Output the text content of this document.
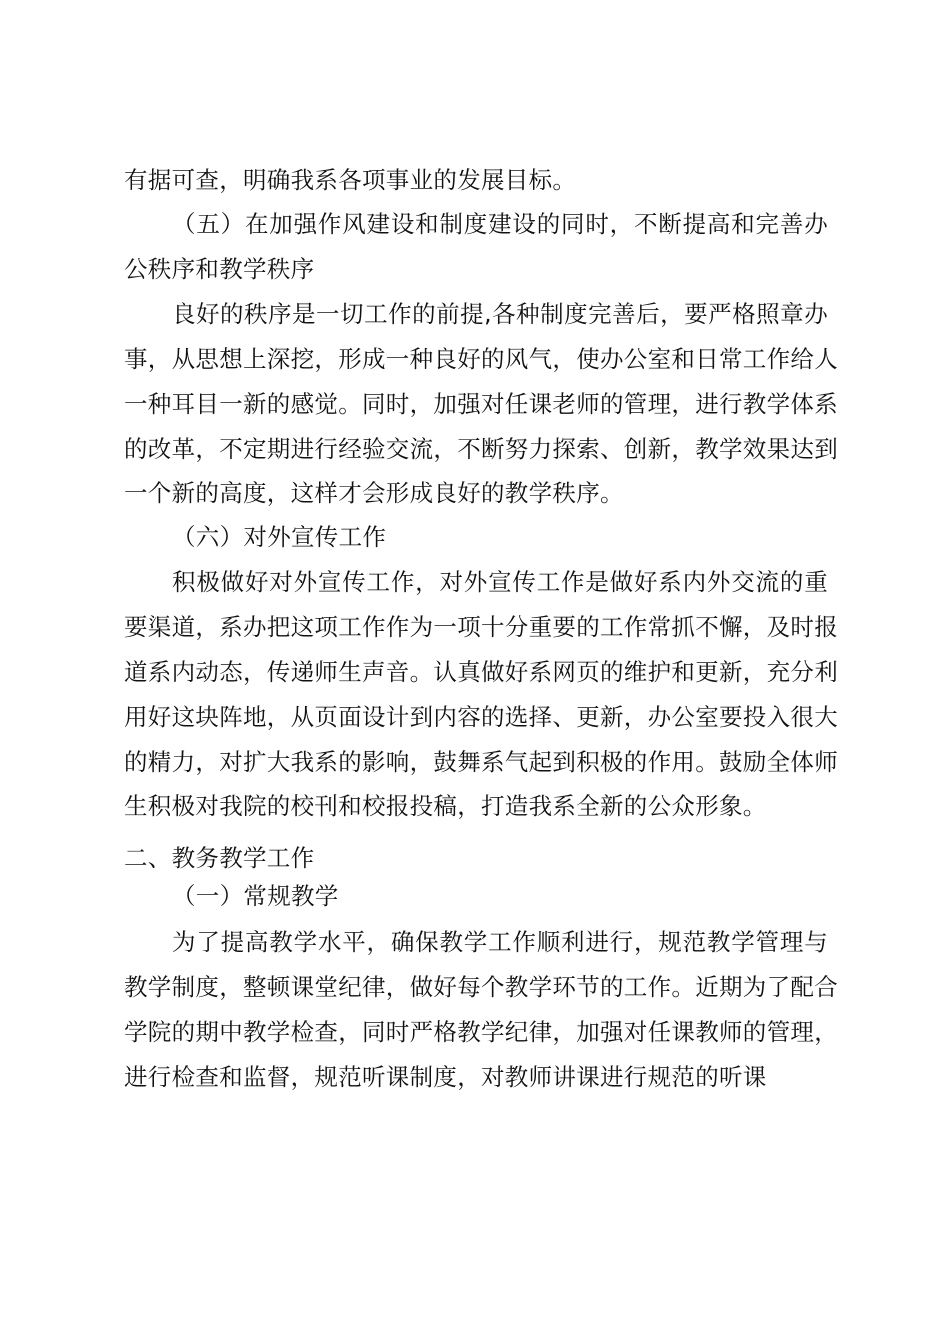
有据可查，明确我系各项事业的发展目标。
（五）在加强作风建设和制度建设的同时，不断提高和完善办
公秩序和教学秩序
良好的秩序是一切工作的前提,各种制度完善后，要严格照章办
事，从思想上深挖，形成一种良好的风气，使办公室和日常工作给人
一种耳目一新的感觉。同时，加强对任课老师的管理，进行教学体系
的改革，不定期进行经验交流，不断努力探索、创新，教学效果达到
一个新的高度，这样才会形成良好的教学秩序。
（六）对外宣传工作
积极做好对外宣传工作，对外宣传工作是做好系内外交流的重
要渠道，系办把这项工作作为一项十分重要的工作常抓不懈，及时报
道系内动态，传递师生声音。认真做好系网页的维护和更新，充分利
用好这块阵地，从页面设计到内容的选择、更新，办公室要投入很大
的精力，对扩大我系的影响，鼓舞系气起到积极的作用。鼓励全体师
生积极对我院的校刊和校报投稿，打造我系全新的公众形象。
二、教务教学工作
（一）常规教学
为了提高教学水平，确保教学工作顺利进行，规范教学管理与
教学制度，整顿课堂纪律，做好每个教学环节的工作。近期为了配合
学院的期中教学检查，同时严格教学纪律，加强对任课教师的管理，
进行检查和监督，规范听课制度，对教师讲课进行规范的听课
